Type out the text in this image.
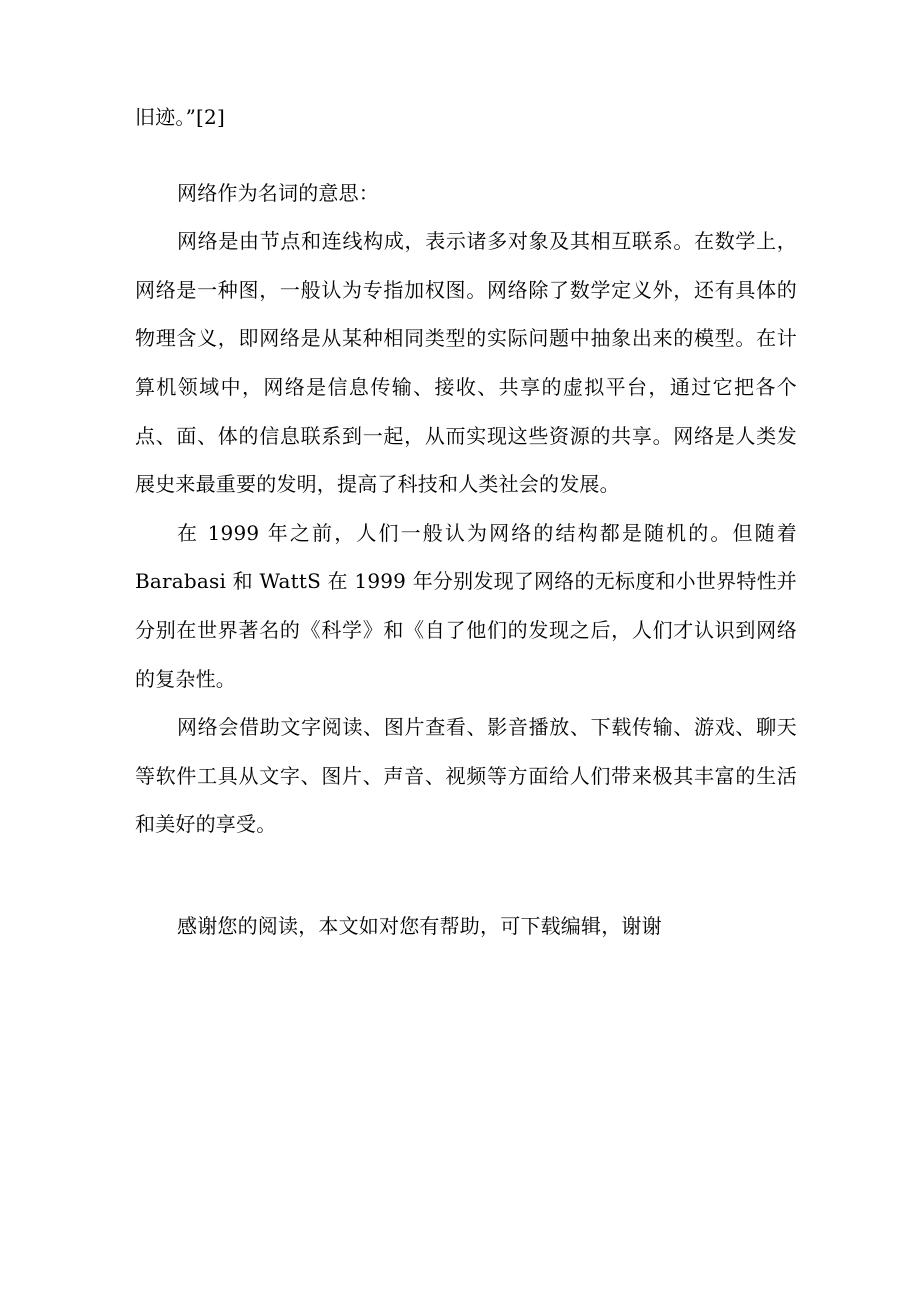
旧迹。”[2]

网络作为名词的意思：

网络是由节点和连线构成，表示诸多对象及其相互联系。在数学上，网络是一种图，一般认为专指加权图。网络除了数学定义外，还有具体的物理含义，即网络是从某种相同类型的实际问题中抽象出来的模型。在计算机领域中，网络是信息传输、接收、共享的虚拟平台，通过它把各个点、面、体的信息联系到一起，从而实现这些资源的共享。网络是人类发展史来最重要的发明，提高了科技和人类社会的发展。

在 1999 年之前，人们一般认为网络的结构都是随机的。但随着 Barabasi 和 WattS 在 1999 年分别发现了网络的无标度和小世界特性并分别在世界著名的《科学》和《自了他们的发现之后，人们才认识到网络的复杂性。

网络会借助文字阅读、图片查看、影音播放、下载传输、游戏、聊天等软件工具从文字、图片、声音、视频等方面给人们带来极其丰富的生活和美好的享受。

感谢您的阅读，本文如对您有帮助，可下载编辑，谢谢
